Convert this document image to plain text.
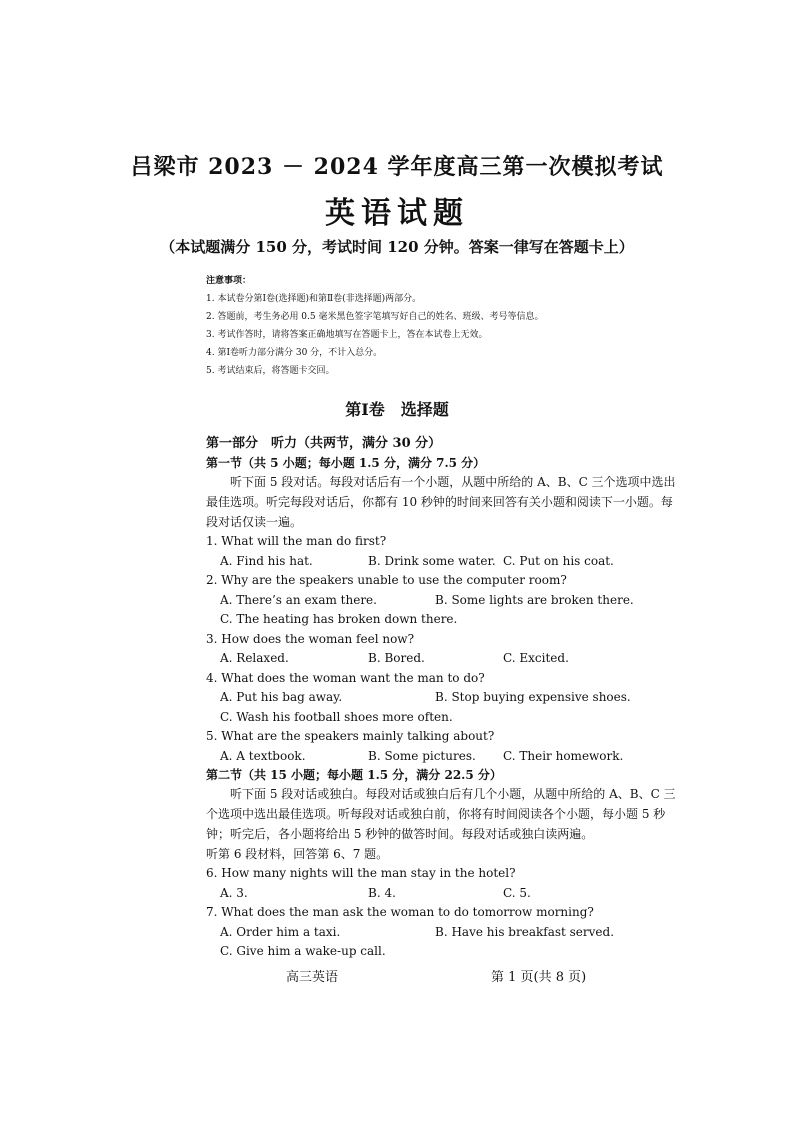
吕梁市 2023 － 2024 学年度高三第一次模拟考试
英语试题
（本试题满分 150 分，考试时间 120 分钟。答案一律写在答题卡上）
注意事项：
1. 本试卷分第Ⅰ卷(选择题)和第Ⅱ卷(非选择题)两部分。
2. 答题前，考生务必用 0.5 毫米黑色签字笔填写好自己的姓名、班级、考号等信息。
3. 考试作答时，请将答案正确地填写在答题卡上，答在本试卷上无效。
4. 第Ⅰ卷听力部分满分 30 分，不计入总分。
5. 考试结束后，将答题卡交回。
第Ⅰ卷　选择题
第一部分　听力（共两节，满分 30 分）
第一节（共 5 小题；每小题 1.5 分，满分 7.5 分）
听下面 5 段对话。每段对话后有一个小题，从题中所给的 A、B、C 三个选项中选出最佳选项。听完每段对话后，你都有 10 秒钟的时间来回答有关小题和阅读下一小题。每段对话仅读一遍。
1. What will the man do first?
A. Find his hat.	B. Drink some water. C. Put on his coat.
2. Why are the speakers unable to use the computer room?
A. There’s an exam there.	B. Some lights are broken there.
C. The heating has broken down there.
3. How does the woman feel now?
A. Relaxed.	B. Bored.	C. Excited.
4. What does the woman want the man to do?
A. Put his bag away.	B. Stop buying expensive shoes.
C. Wash his football shoes more often.
5. What are the speakers mainly talking about?
A. A textbook.	B. Some pictures. C. Their homework.
第二节（共 15 小题；每小题 1.5 分，满分 22.5 分）
听下面 5 段对话或独白。每段对话或独白后有几个小题，从题中所给的 A、B、C 三个选项中选出最佳选项。听每段对话或独白前，你将有时间阅读各个小题，每小题 5 秒钟；听完后，各小题将给出 5 秒钟的做答时间。每段对话或独白读两遍。
听第 6 段材料，回答第 6、7 题。
6. How many nights will the man stay in the hotel?
A. 3.	B. 4.	C. 5.
7. What does the man ask the woman to do tomorrow morning?
A. Order him a taxi.	B. Have his breakfast served.
C. Give him a wake-up call.
高三英语	第 1 页(共 8 页)
